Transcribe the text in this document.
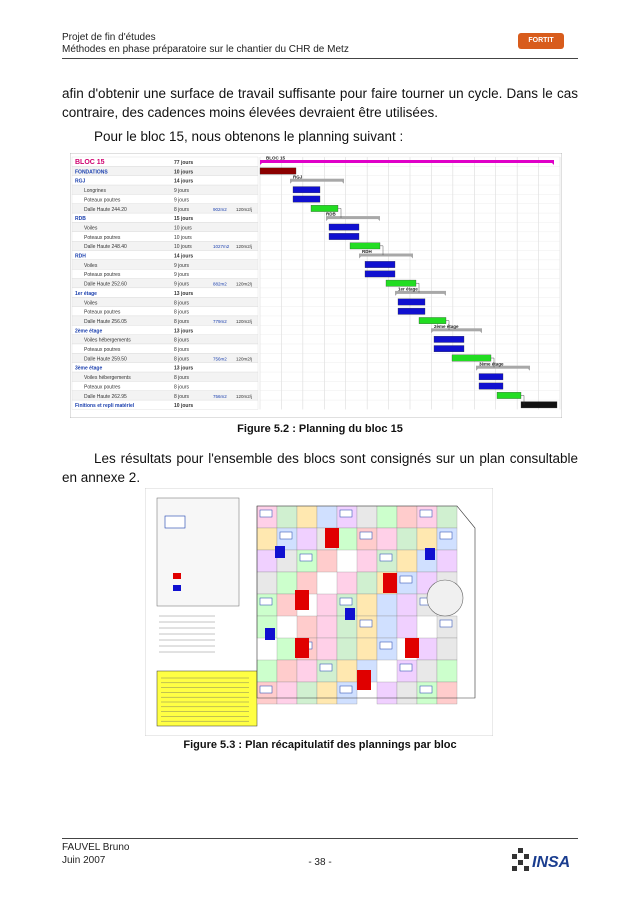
Projet de fin d'études
Méthodes en phase préparatoire sur le chantier du CHR de Metz
FORTIT
afin d'obtenir une surface de travail suffisante pour faire tourner un cycle. Dans le cas contraire, des cadences moins élevées devraient être utilisées.
Pour le bloc 15, nous obtenons le planning suivant :
BLOC 15	77 jours
FONDATIONS	10 jours
RGJ	14 jours
Longrines	9 jours
Poteaux poutres	9 jours
Dalle Haute 244.20	8 jours	902m2 120m2/j
RDB	15 jours
Voiles	10 jours
Poteaux poutres	10 jours
Dalle Haute 248.40	10 jours	1027m2 120m2/j
RDH	14 jours
Voiles	9 jours
Poteaux poutres	9 jours
Dalle Haute 252.60	9 jours	882m2 120m2/j
1er étage	13 jours
Voiles	8 jours
Poteaux poutres	8 jours
Dalle Haute 256.05	8 jours	779m2 120m2/j
2ème étage	13 jours
Voiles hébergements	8 jours
Poteaux poutres	8 jours
Dalle Haute 259.50	8 jours	756m2 120m2/j
3ème étage	13 jours
Voiles hébergements	8 jours
Poteaux poutres	8 jours
Dalle Haute 262.95	8 jours	756m2 120m2/j
Finitions et repli matériel	10 jours
BLOC 15
RGJ
RDB
RDH
1er étage
2ème étage
3ème étage
Figure 5.2 : Planning du bloc 15
Les résultats pour l'ensemble des blocs sont consignés sur un plan consultable en annexe 2.
Figure 5.3 : Plan récapitulatif des plannings par bloc
FAUVEL Bruno
Juin 2007	- 38 -	INSA
